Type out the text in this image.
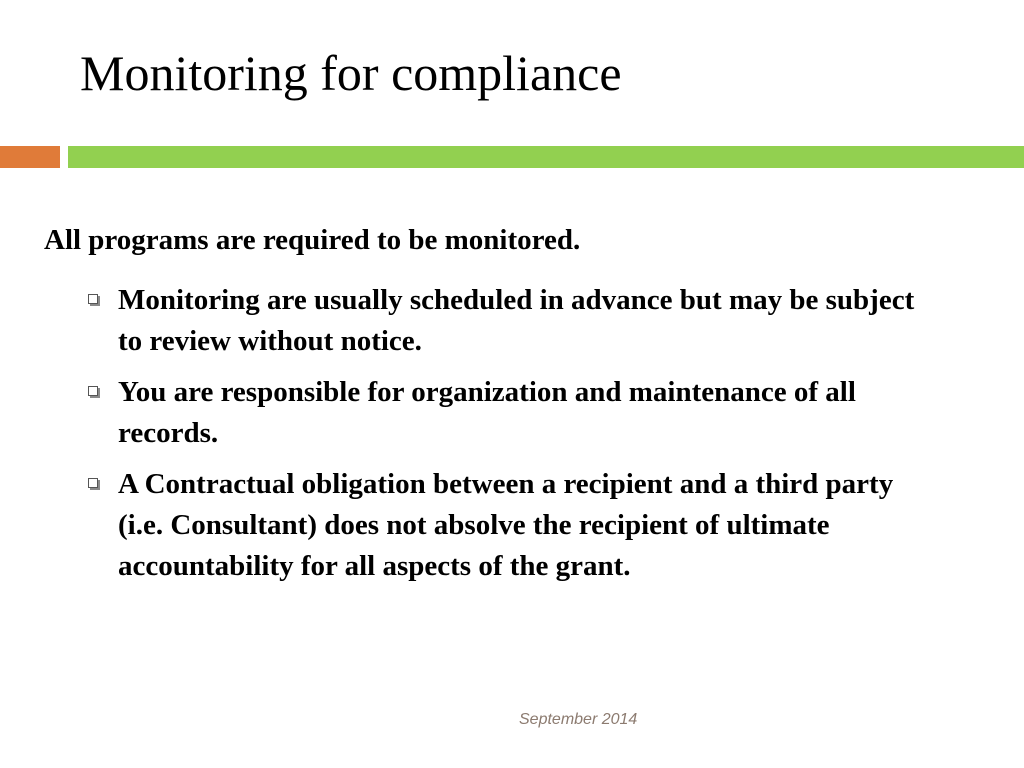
Monitoring for compliance

All programs are required to be monitored.

Monitoring are usually scheduled in advance but may be subject to review without notice.
You are responsible for organization and maintenance of all records.
A Contractual obligation between a recipient and a third party (i.e. Consultant) does not absolve the recipient of ultimate accountability for all aspects of the grant.
September 2014
